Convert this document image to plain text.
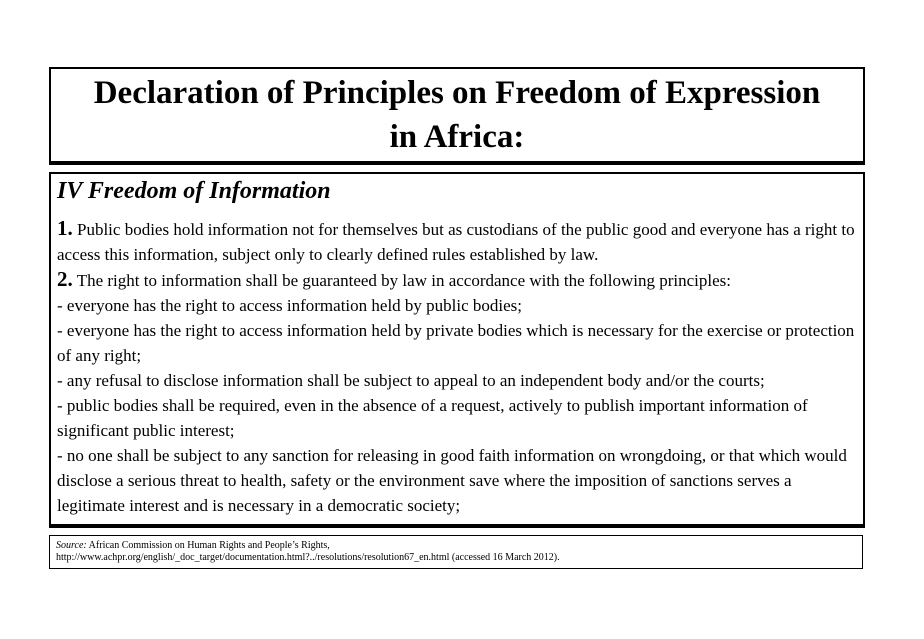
Declaration of Principles on Freedom of Expression
in Africa:
IV Freedom of Information

1. Public bodies hold information not for themselves but as custodians of the public good and everyone has a right to access this information, subject only to clearly defined rules established by law.

2. The right to information shall be guaranteed by law in accordance with the following principles:

- everyone has the right to access information held by public bodies;

- everyone has the right to access information held by private bodies which is necessary for the exercise or protection of any right;

- any refusal to disclose information shall be subject to appeal to an independent body and/or the courts;

- public bodies shall be required, even in the absence of a request, actively to publish important information of significant public interest;

- no one shall be subject to any sanction for releasing in good faith information on wrongdoing, or that which would disclose a serious threat to health, safety or the environment save where the imposition of sanctions serves a legitimate interest and is necessary in a democratic society;

Source: African Commission on Human Rights and People’s Rights,
http://www.achpr.org/english/_doc_target/documentation.html?../resolutions/resolution67_en.html (accessed 16 March 2012).
